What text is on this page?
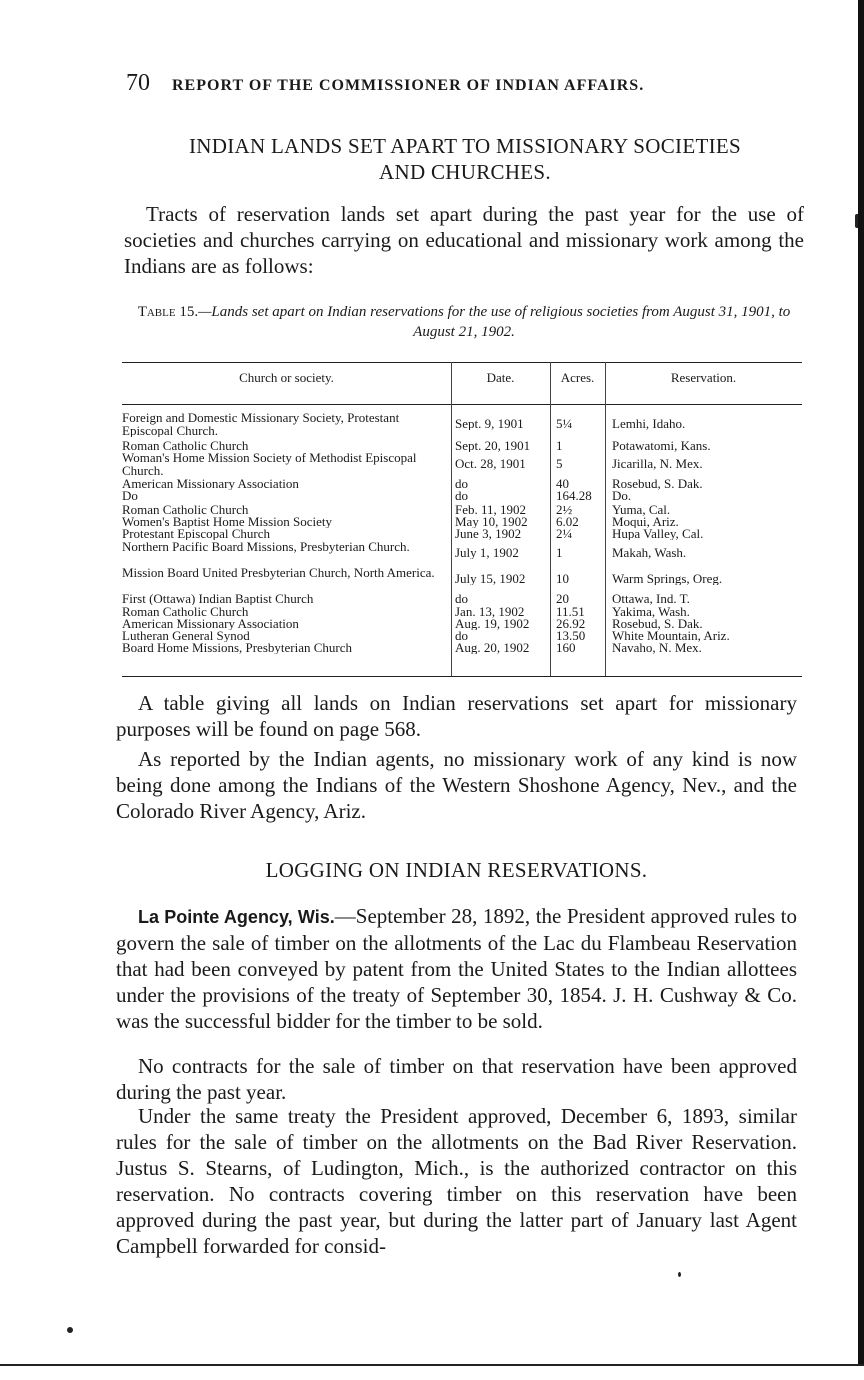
70 REPORT OF THE COMMISSIONER OF INDIAN AFFAIRS.
INDIAN LANDS SET APART TO MISSIONARY SOCIETIES
AND CHURCHES.

Tracts of reservation lands set apart during the past year for the use of societies and churches carrying on educational and missionary work among the Indians are as follows:

Table 15.—Lands set apart on Indian reservations for the use of religious societies from August 31, 1901, to August 21, 1902.
Church or society.	Date.	Acres.	Reservation.
Foreign and Domestic Missionary Society, Protestant Episcopal Church.	Sept. 9, 1901	5¼	Lemhi, Idaho.
Roman Catholic Church	Sept. 20, 1901	1	Potawatomi, Kans.
Woman's Home Mission Society of Methodist Episcopal Church.	Oct. 28, 1901	5	Jicarilla, N. Mex.
American Missionary Association	do	40	Rosebud, S. Dak.
Do	do	164.28	Do.
Roman Catholic Church	Feb. 11, 1902	2½	Yuma, Cal.
Women's Baptist Home Mission Society	May 10, 1902	6.02	Moqui, Ariz.
Protestant Episcopal Church	June 3, 1902	2¼	Hupa Valley, Cal.
Northern Pacific Board Missions, Presbyterian Church.	July 1, 1902	1	Makah, Wash.
Mission Board United Presbyterian Church, North America.	July 15, 1902	10	Warm Springs, Oreg.
First (Ottawa) Indian Baptist Church	do	20	Ottawa, Ind. T.
Roman Catholic Church	Jan. 13, 1902	11.51	Yakima, Wash.
American Missionary Association	Aug. 19, 1902	26.92	Rosebud, S. Dak.
Lutheran General Synod	do	13.50	White Mountain, Ariz.
Board Home Missions, Presbyterian Church	Aug. 20, 1902	160	Navaho, N. Mex.

A table giving all lands on Indian reservations set apart for missionary purposes will be found on page 568.

As reported by the Indian agents, no missionary work of any kind is now being done among the Indians of the Western Shoshone Agency, Nev., and the Colorado River Agency, Ariz.

LOGGING ON INDIAN RESERVATIONS.

La Pointe Agency, Wis.—September 28, 1892, the President approved rules to govern the sale of timber on the allotments of the Lac du Flambeau Reservation that had been conveyed by patent from the United States to the Indian allottees under the provisions of the treaty of September 30, 1854. J. H. Cushway & Co. was the successful bidder for the timber to be sold.

No contracts for the sale of timber on that reservation have been approved during the past year.

Under the same treaty the President approved, December 6, 1893, similar rules for the sale of timber on the allotments on the Bad River Reservation. Justus S. Stearns, of Ludington, Mich., is the authorized contractor on this reservation. No contracts covering timber on this reservation have been approved during the past year, but during the latter part of January last Agent Campbell forwarded for consid-
